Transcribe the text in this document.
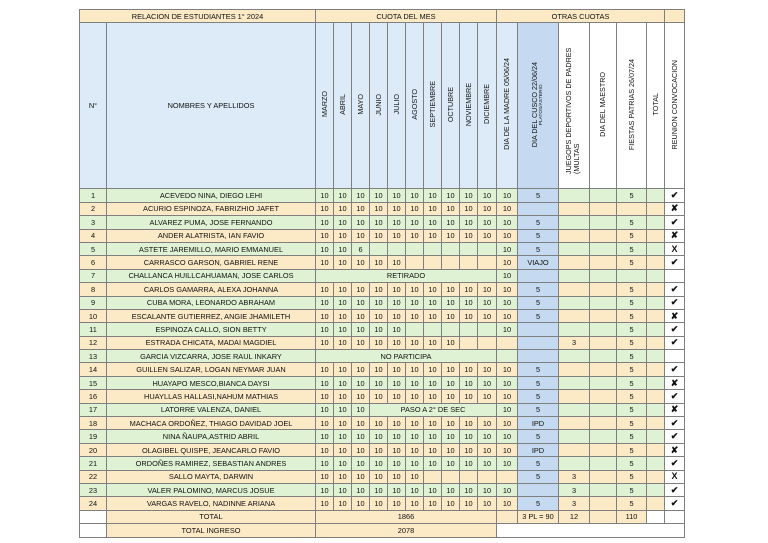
RELACION DE ESTUDIANTES 1° 2024		CUOTA DEL MES										OTRAS CUOTAS						
N°	NOMBRES Y APELLIDOS	MARZO	ABRIL	MAYO	JUNIO	JULIO	AGOSTO	SEPTIEMBRE	OCTUBRE	NOVIEMBRE	DICIEMBRE	DIA DE LA MADRE 05/06/24	DIA DEL CUSCO 22/06/24 PLATOS/ASTERIO	JUEGOPS DEPORTIVOS DE PADRES (MULTAS	DIA DEL MAESTRO	FIESTAS PATRIAS 26/07/24	TOTAL	REUNION CONVOCACION
1	ACEVEDO NINA, DIEGO LEHI	10	10	10	10	10	10	10	10	10	10	10	5			5		✔
2	ACURIO ESPINOZA, FABRIZHIO JAFET	10	10	10	10	10	10	10	10	10	10	10						✘
3	ALVAREZ PUMA, JOSE FERNANDO	10	10	10	10	10	10	10	10	10	10	10	5			5		✔
4	ANDER ALATRISTA, IAN FAVIO	10	10	10	10	10	10	10	10	10	10	10	5			5		✘
5	ASTETE JAREMILLO, MARIO EMMANUEL	10	10	6								10	5			5		X
6	CARRASCO GARSON, GABRIEL RENE	10	10	10	10	10						10	VIAJO			5		✔
7	CHALLANCA HUILLCAHUAMAN, JOSE CARLOS	RETIRADO										10						
8	CARLOS GAMARRA, ALEXA JOHANNA	10	10	10	10	10	10	10	10	10	10	10	5			5		✔
9	CUBA MORA, LEONARDO ABRAHAM	10	10	10	10	10	10	10	10	10	10	10	5			5		✔
10	ESCALANTE GUTIERREZ, ANGIE JHAMILETH	10	10	10	10	10	10	10	10	10	10	10	5			5		✘
11	ESPINOZA CALLO, SION BETTY	10	10	10	10	10						10				5		✔
12	ESTRADA CHICATA, MADAI MAGDIEL	10	10	10	10	10	10	10	10					3		5		✔
13	GARCIA VIZCARRA, JOSE RAUL INKARY	NO PARTICIPA														5		
14	GUILLEN SALIZAR, LOGAN NEYMAR JUAN	10	10	10	10	10	10	10	10	10	10	10	5			5		✔
15	HUAYAPO MESCO,BIANCA DAYSI	10	10	10	10	10	10	10	10	10	10	10	5			5		✘
16	HUAYLLAS HALLASI,NAHUM MATHIAS	10	10	10	10	10	10	10	10	10	10	10	5			5		✔
17	LATORRE VALENZA, DANIEL	10	10	10	PASO A 2° DE SEC							10	5			5		✘
18	MACHACA ORDOÑEZ, THIAGO DAVIDAD JOEL	10	10	10	10	10	10	10	10	10	10	10	IPD			5		✔
19	NINA ÑAUPA,ASTRID ABRIL	10	10	10	10	10	10	10	10	10	10	10	5			5		✔
20	OLAGIBEL QUISPE, JEANCARLO FAVIO	10	10	10	10	10	10	10	10	10	10	10	IPD			5		✘
21	ORDOÑES RAMIREZ, SEBASTIAN ANDRES	10	10	10	10	10	10	10	10	10	10	10	5			5		✔
22	SALLO MAYTA, DARWIN	10	10	10	10	10	10						5	3		5		X
23	VALER PALOMINO, MARCUS JOSUE	10	10	10	10	10	10	10	10	10	10	10		3		5		✔
24	VARGAS RAVELO, NADINNE ARIANA	10	10	10	10	10	10	10	10	10	10	10	5	3		5		✔
	TOTAL	1866											3 PL = 90	12		110		
	TOTAL INGRESO	2078																
